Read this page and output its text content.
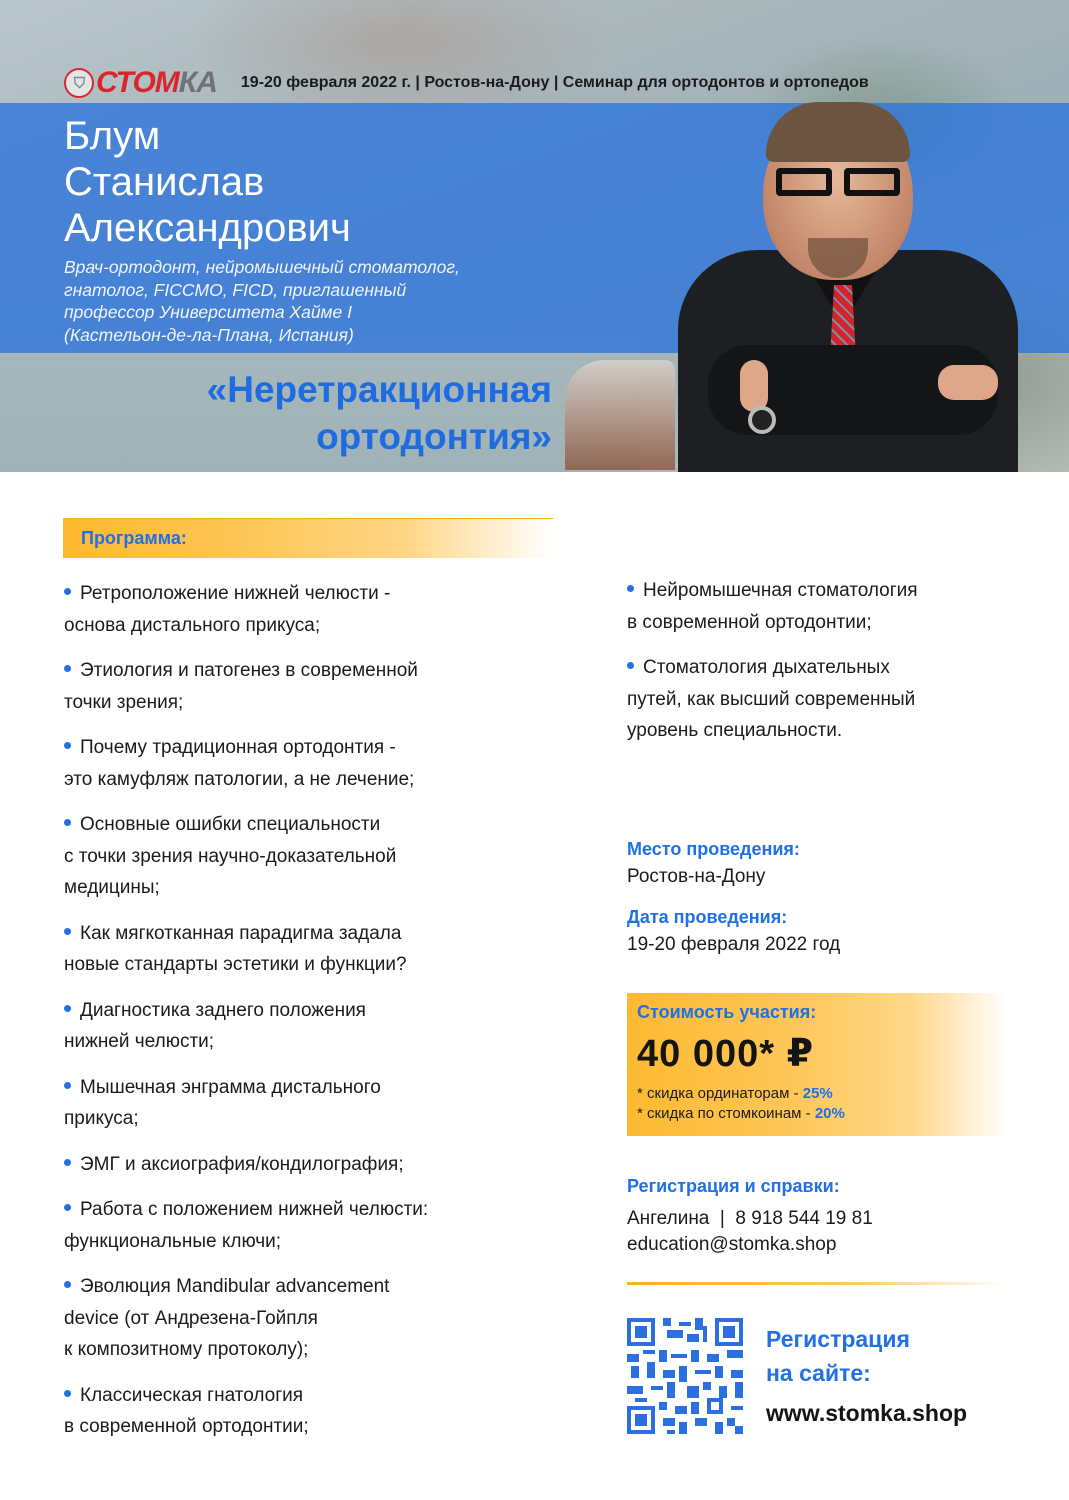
⛉ СТОМ КА 19-20 февраля 2022 г. | Ростов-на-Дону | Семинар для ортодонтов и ортопедов
Блум
Станислав
Александрович
Врач-ортодонт, нейромышечный стоматолог,
гнатолог, FICCMO, FICD, приглашенный
профессор Университета Хайме I
(Кастельон-де-ла-Плана, Испания)
«Неретракционная
ортодонтия»
Программа:
Ретроположение нижней челюсти -
основа дистального прикуса;
Этиология и патогенез в современной
точки зрения;
Почему традиционная ортодонтия -
это камуфляж патологии, а не лечение;
Основные ошибки специальности
с точки зрения научно-доказательной
медицины;
Как мягкотканная парадигма задала
новые стандарты эстетики и функции?
Диагностика заднего положения
нижней челюсти;
Мышечная энграмма дистального
прикуса;
ЭМГ и аксиография/кондилография;
Работа с положением нижней челюсти:
функциональные ключи;
Эволюция Mandibular advancement
device (от Андрезена-Гойпля
к композитному протоколу);
Классическая гнатология
в современной ортодонтии;
Нейромышечная стоматология
в современной ортодонтии;
Стоматология дыхательных
путей, как высший современный
уровень специальности.
Место проведения:
Ростов-на-Дону
Дата проведения:
19-20 февраля 2022 год
Стоимость участия:
40 000* ₽
* скидка ординаторам - 25%
* скидка по стомкоинам - 20%
Регистрация и справки:
Ангелина  |  8 918 544 19 81
education@stomka.shop
Регистрация
на сайте:
www.stomka.shop
